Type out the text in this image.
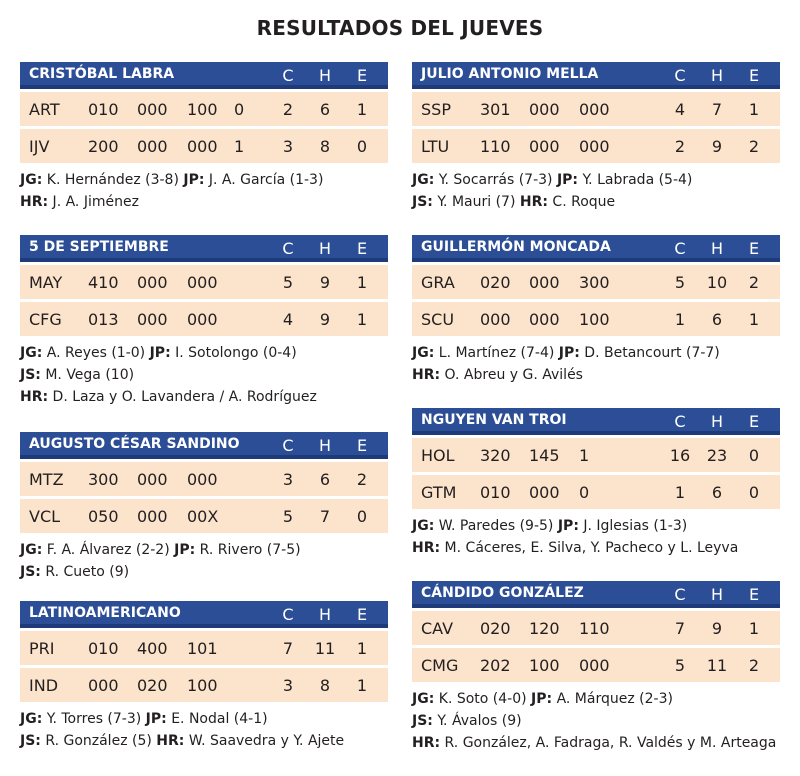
RESULTADOS DEL JUEVES
CRISTÓBAL LABRA	C H	E
ART 010 000 100 0	2	6	1
IJV 200 000 000 1	3	8	0
JG: K. Hernández (3-8) JP: J. A. García (1-3)
HR: J. A. Jiménez
5 DE SEPTIEMBRE	C H	E
MAY 410 000 000	5	9	1
CFG 013 000 000	4	9	1
JG: A. Reyes (1-0) JP: I. Sotolongo (0-4)
JS: M. Vega (10)
HR: D. Laza y O. Lavandera / A. Rodríguez
AUGUSTO CÉSAR SANDINO	C H	E
MTZ 300 000 000	3	6	2
VCL 050 000 00X	5	7	0
JG: F. A. Álvarez (2-2) JP: R. Rivero (7-5)
JS: R. Cueto (9)
LATINOAMERICANO	C H	E
PRI 010 400 101	7	11	1
IND 000 020 100	3	8	1
JG: Y. Torres (7-3) JP: E. Nodal (4-1)
JS: R. González (5) HR: W. Saavedra y Y. Ajete
JULIO ANTONIO MELLA	C H	E
SSP 301 000 000	4	7	1
LTU 110 000 000	2	9	2
JG: Y. Socarrás (7-3) JP: Y. Labrada (5-4)
JS: Y. Mauri (7) HR: C. Roque
GUILLERMÓN MONCADA	C H	E
GRA 020 000 300	5	10	2
SCU 000 000 100	1	6	1
JG: L. Martínez (7-4) JP: D. Betancourt (7-7)
HR: O. Abreu y G. Avilés
NGUYEN VAN TROI	C H	E
HOL 320 145 1	16 23	0
GTM 010 000 0	1	6	0
JG: W. Paredes (9-5) JP: J. Iglesias (1-3)
HR: M. Cáceres, E. Silva, Y. Pacheco y L. Leyva
CÁNDIDO GONZÁLEZ	C H	E
CAV 020 120 110	7	9	1
CMG 202 100 000	5	11	2
JG: K. Soto (4-0) JP: A. Márquez (2-3)
JS: Y. Ávalos (9)
HR: R. González, A. Fadraga, R. Valdés y M. Arteaga
